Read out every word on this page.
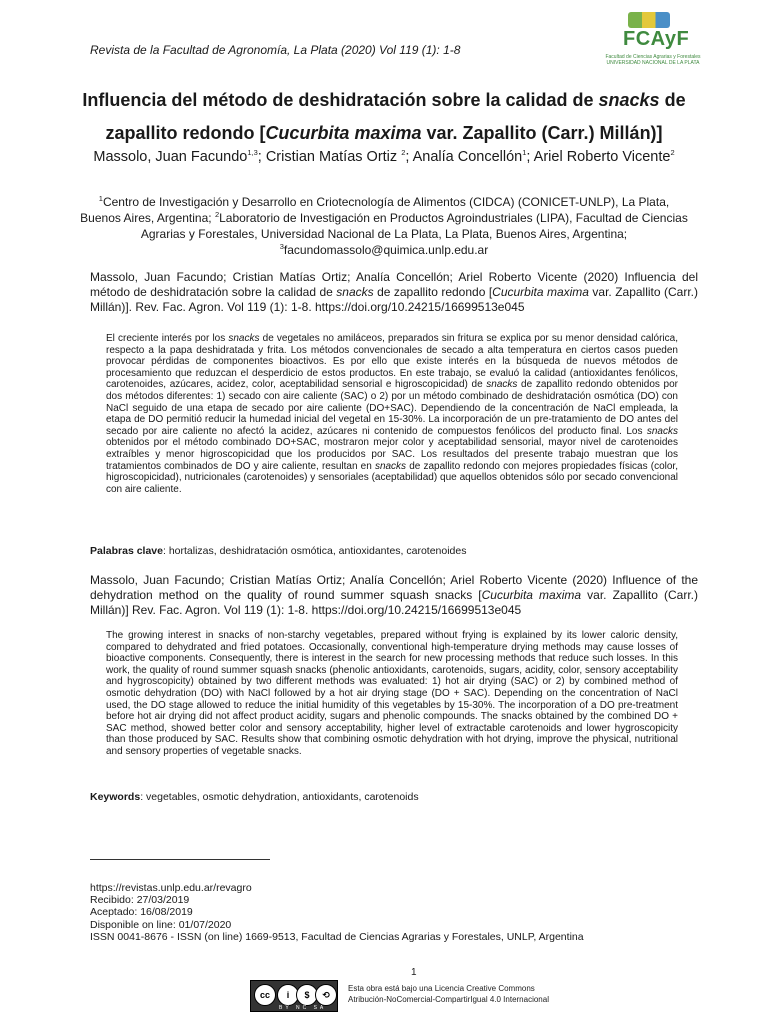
Revista de la Facultad de Agronomía, La Plata (2020) Vol 119 (1): 1-8	FCAyF
Facultad de Ciencias Agrarias y Forestales UNIVERSIDAD NACIONAL DE LA PLATA
Influencia del método de deshidratación sobre la calidad de snacks de zapallito redondo [Cucurbita maxima var. Zapallito (Carr.) Millán)]
Massolo, Juan Facundo$^{1,3}$; Cristian Matías Ortiz $^2$; Analía Concellón$^1$; Ariel Roberto Vicente$^2$
$^1$Centro de Investigación y Desarrollo en Criotecnología de Alimentos (CIDCA) (CONICET-UNLP), La Plata, Buenos Aires, Argentina; $^2$Laboratorio de Investigación en Productos Agroindustriales (LIPA), Facultad de Ciencias Agrarias y Forestales, Universidad Nacional de La Plata, La Plata, Buenos Aires, Argentina;
$^3$facundomassolo@quimica.unlp.edu.ar
Massolo, Juan Facundo; Cristian Matías Ortiz; Analía Concellón; Ariel Roberto Vicente (2020) Influencia del método de deshidratación sobre la calidad de snacks de zapallito redondo [Cucurbita maxima var. Zapallito (Carr.) Millán)]. Rev. Fac. Agron. Vol 119 (1): 1-8. https://doi.org/10.24215/16699513e045
El creciente interés por los snacks de vegetales no amiláceos, preparados sin fritura se explica por su menor densidad calórica, respecto a la papa deshidratada y frita. Los métodos convencionales de secado a alta temperatura en ciertos casos pueden provocar pérdidas de componentes bioactivos. Es por ello que existe interés en la búsqueda de nuevos métodos de procesamiento que reduzcan el desperdicio de estos productos. En este trabajo, se evaluó la calidad (antioxidantes fenólicos, carotenoides, azúcares, acidez, color, aceptabilidad sensorial e higroscopicidad) de snacks de zapallito redondo obtenidos por dos métodos diferentes: 1) secado con aire caliente (SAC) o 2) por un método combinado de deshidratación osmótica (DO) con NaCl seguido de una etapa de secado por aire caliente (DO+SAC). Dependiendo de la concentración de NaCl empleada, la etapa de DO permitió reducir la humedad inicial del vegetal en 15-30%. La incorporación de un pre-tratamiento de DO antes del secado por aire caliente no afectó la acidez, azúcares ni contenido de compuestos fenólicos del producto final. Los snacks obtenidos por el método combinado DO+SAC, mostraron mejor color y aceptabilidad sensorial, mayor nivel de carotenoides extraíbles y menor higroscopicidad que los producidos por SAC. Los resultados del presente trabajo muestran que los tratamientos combinados de DO y aire caliente, resultan en snacks de zapallito redondo con mejores propiedades físicas (color, higroscopicidad), nutricionales (carotenoides) y sensoriales (aceptabilidad) que aquellos obtenidos sólo por secado convencional con aire caliente.
Palabras clave: hortalizas, deshidratación osmótica, antioxidantes, carotenoides
Massolo, Juan Facundo; Cristian Matías Ortiz; Analía Concellón; Ariel Roberto Vicente (2020) Influence of the dehydration method on the quality of round summer squash snacks [Cucurbita maxima var. Zapallito (Carr.) Millán)] Rev. Fac. Agron. Vol 119 (1): 1-8. https://doi.org/10.24215/16699513e045
The growing interest in snacks of non-starchy vegetables, prepared without frying is explained by its lower caloric density, compared to dehydrated and fried potatoes. Occasionally, conventional high-temperature drying methods may cause losses of bioactive components. Consequently, there is interest in the search for new processing methods that reduce such losses. In this work, the quality of round summer squash snacks (phenolic antioxidants, carotenoids, sugars, acidity, color, sensory acceptability and hygroscopicity) obtained by two different methods was evaluated: 1) hot air drying (SAC) or 2) by combined method of osmotic dehydration (DO) with NaCl followed by a hot air drying stage (DO + SAC). Depending on the concentration of NaCl used, the DO stage allowed to reduce the initial humidity of this vegetables by 15-30%. The incorporation of a DO pre-treatment before hot air drying did not affect product acidity, sugars and phenolic compounds. The snacks obtained by the combined DO + SAC method, showed better color and sensory acceptability, higher level of extractable carotenoids and lower hygroscopicity than those produced by SAC. Results show that combining osmotic dehydration with hot drying, improve the physical, nutritional and sensory properties of vegetable snacks.
Keywords: vegetables, osmotic dehydration, antioxidants, carotenoids
https://revistas.unlp.edu.ar/revagro
Recibido: 27/03/2019
Aceptado: 16/08/2019
Disponible on line: 01/07/2020
ISSN 0041-8676 - ISSN (on line) 1669-9513, Facultad de Ciencias Agrarias y Forestales, UNLP, Argentina
1
cc	i	$	⟲
BY NC SA
Esta obra está bajo una Licencia Creative Commons
Atribución-NoComercial-CompartirIgual 4.0 Internacional
